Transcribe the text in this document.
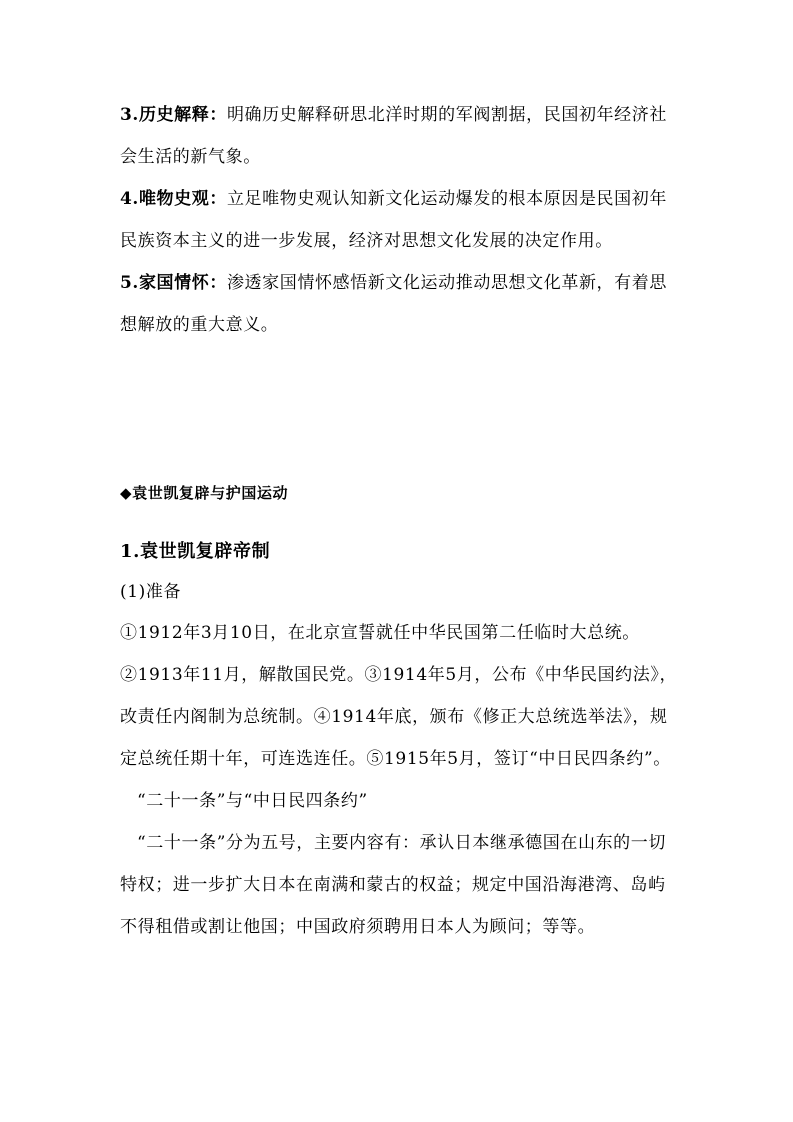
3.历史解释：明确历史解释研思北洋时期的军阀割据，民国初年经济社会生活的新气象。

4.唯物史观：立足唯物史观认知新文化运动爆发的根本原因是民国初年民族资本主义的进一步发展，经济对思想文化发展的决定作用。

5.家国情怀：渗透家国情怀感悟新文化运动推动思想文化革新，有着思想解放的重大意义。

◆袁世凯复辟与护国运动

1.袁世凯复辟帝制

(1)准备

①1912年3月10日，在北京宣誓就任中华民国第二任临时大总统。②1913年11月，解散国民党。③1914年5月，公布《中华民国约法》，改责任内阁制为总统制。④1914年底，颁布《修正大总统选举法》，规定总统任期十年，可连选连任。⑤1915年5月，签订“中日民四条约”。

“二十一条”与“中日民四条约”

“二十一条”分为五号，主要内容有：承认日本继承德国在山东的一切特权；进一步扩大日本在南满和蒙古的权益；规定中国沿海港湾、岛屿不得租借或割让他国；中国政府须聘用日本人为顾问；等等。
